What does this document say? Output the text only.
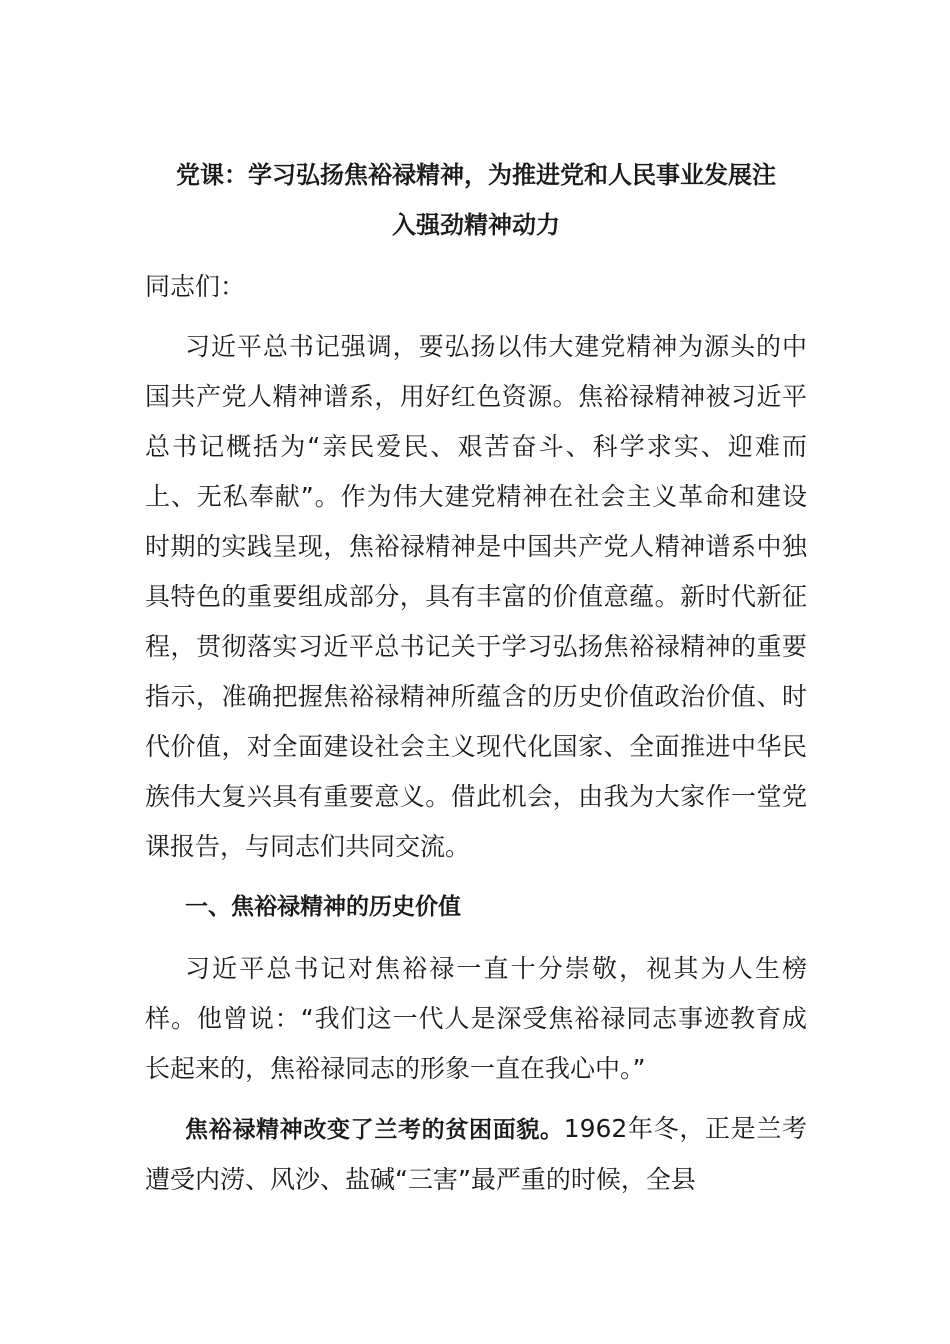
党课：学习弘扬焦裕禄精神，为推进党和人民事业发展注
入强劲精神动力
同志们：

习近平总书记强调，要弘扬以伟大建党精神为源头的中国共产党人精神谱系，用好红色资源。焦裕禄精神被习近平总书记概括为“亲民爱民、艰苦奋斗、科学求实、迎难而上、无私奉献”。作为伟大建党精神在社会主义革命和建设时期的实践呈现，焦裕禄精神是中国共产党人精神谱系中独具特色的重要组成部分，具有丰富的价值意蕴。新时代新征程，贯彻落实习近平总书记关于学习弘扬焦裕禄精神的重要指示，准确把握焦裕禄精神所蕴含的历史价值政治价值、时代价值，对全面建设社会主义现代化国家、全面推进中华民族伟大复兴具有重要意义。借此机会，由我为大家作一堂党课报告，与同志们共同交流。

一、焦裕禄精神的历史价值

习近平总书记对焦裕禄一直十分崇敬，视其为人生榜样。他曾说：“我们这一代人是深受焦裕禄同志事迹教育成长起来的，焦裕禄同志的形象一直在我心中。”

焦裕禄精神改变了兰考的贫困面貌。1962年冬，正是兰考遭受内涝、风沙、盐碱“三害”最严重的时候，全县
